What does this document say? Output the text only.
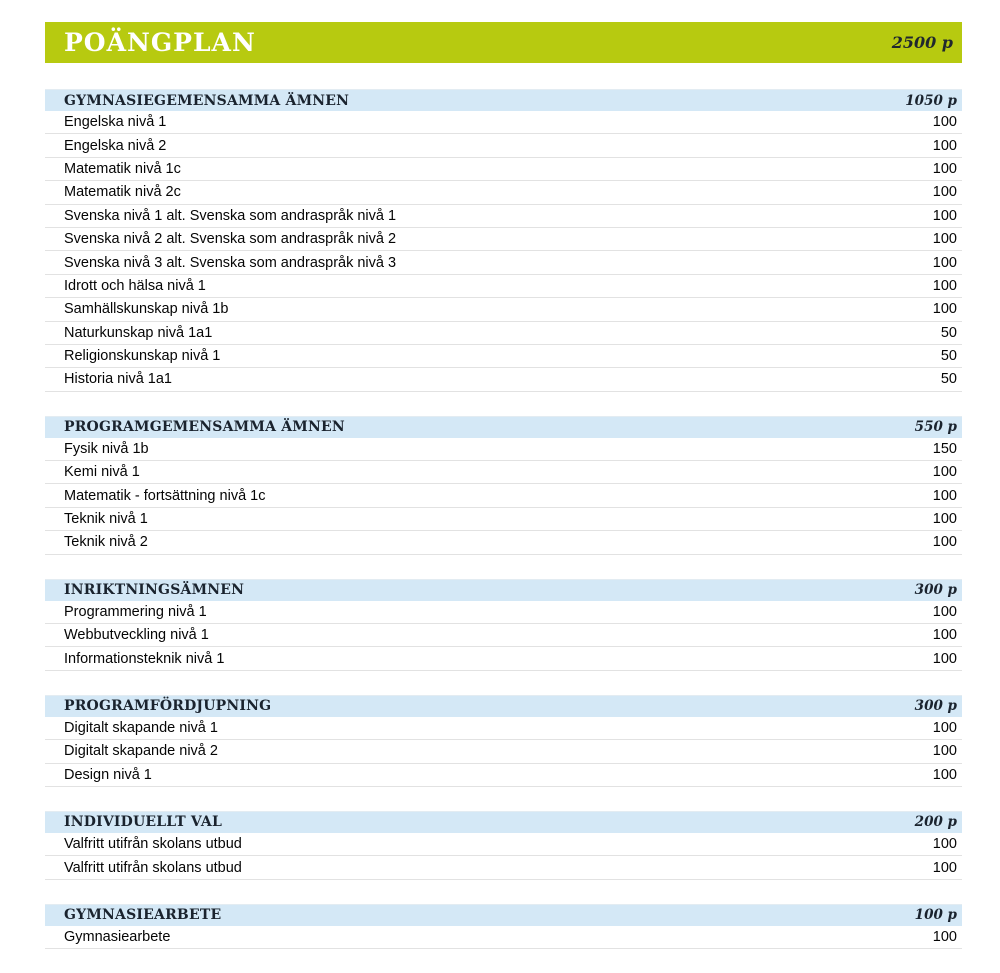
POÄNGPLAN	2500 p
GYMNASIEGEMENSAMMA ÄMNEN	1050 p
Engelska nivå 1	100
Engelska nivå 2	100
Matematik nivå 1c	100
Matematik nivå 2c	100
Svenska nivå 1 alt. Svenska som andraspråk nivå 1	100
Svenska nivå 2 alt. Svenska som andraspråk nivå 2	100
Svenska nivå 3 alt. Svenska som andraspråk nivå 3	100
Idrott och hälsa nivå 1	100
Samhällskunskap nivå 1b	100
Naturkunskap nivå 1a1	50
Religionskunskap nivå 1	50
Historia nivå 1a1	50
PROGRAMGEMENSAMMA ÄMNEN	550 p
Fysik nivå 1b	150
Kemi nivå 1	100
Matematik - fortsättning nivå 1c	100
Teknik nivå 1	100
Teknik nivå 2	100
INRIKTNINGSÄMNEN	300 p
Programmering nivå 1	100
Webbutveckling nivå 1	100
Informationsteknik nivå 1	100
PROGRAMFÖRDJUPNING	300 p
Digitalt skapande nivå 1	100
Digitalt skapande nivå 2	100
Design nivå 1	100
INDIVIDUELLT VAL	200 p
Valfritt utifrån skolans utbud	100
Valfritt utifrån skolans utbud	100
GYMNASIEARBETE	100 p
Gymnasiearbete	100
